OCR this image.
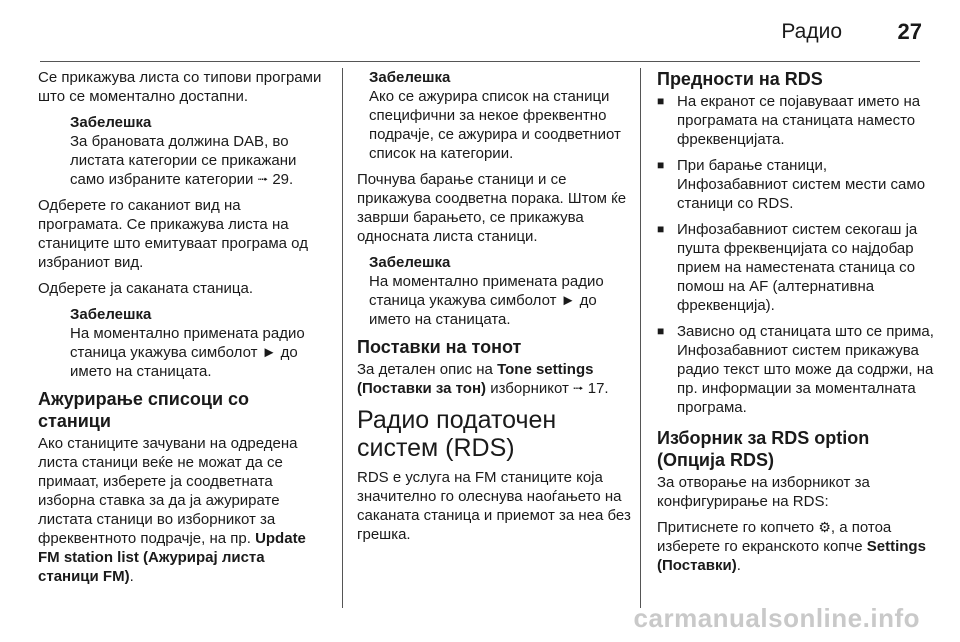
Радио	27

Се прикажува листа со типови програми што се моментално достапни.

Забелешка
За брановата должина DAB, во листата категории се прикажани само избраните категории ⭬ 29.

Одберете го саканиот вид на програмата. Се прикажува листа на станиците што емитуваат програма од избраниот вид.

Одберете ја саканата станица.

Забелешка
На моментално примената радио станица укажува симболот ► до името на станицата.
Ажурирање списоци со станици

Ако станиците зачувани на одредена листа станици веќе не можат да се примаат, изберете ја соодветната изборна ставка за да ја ажурирате листата станици во изборникот за фреквентното подрачје, на пр. Update FM station list (Ажурирај листа станици FM).

Забелешка
Ако се ажурира список на станици специфични за некое фреквентно подрачје, се ажурира и соодветниот список на категории.

Почнува барање станици и се прикажува соодветна порака. Штом ќе заврши барањето, се прикажува односната листа станици.

Забелешка
На моментално примената радио станица укажува симболот ► до името на станицата.
Поставки на тонот

За детален опис на Tone settings (Поставки за тон) изборникот ⭬ 17.

Радио податочен систем (RDS)

RDS е услуга на FM станиците која значително го олеснува наоѓањето на саканата станица и приемот за неа без грешка.

Предности на RDS
■ На екранот се појавуваат името на програмата на станицата наместо фреквенцијата.
■ При барање станици, Инфозабавниот систем мести само станици со RDS.
■ Инфозабавниот систем секогаш ја пушта фреквенцијата со најдобар прием на наместената станица со помош на AF (алтернативна фреквенција).
■ Зависно од станицата што се прима, Инфозабавниот систем прикажува радио текст што може да содржи, на пр. информации за моменталната програма.
Изборник за RDS option (Опција RDS)

За отворање на изборникот за конфигурирање на RDS:

Притиснете го копчето ⚙, а потоа изберете го екранското копче Settings (Поставки).

carmanualsonline.info
